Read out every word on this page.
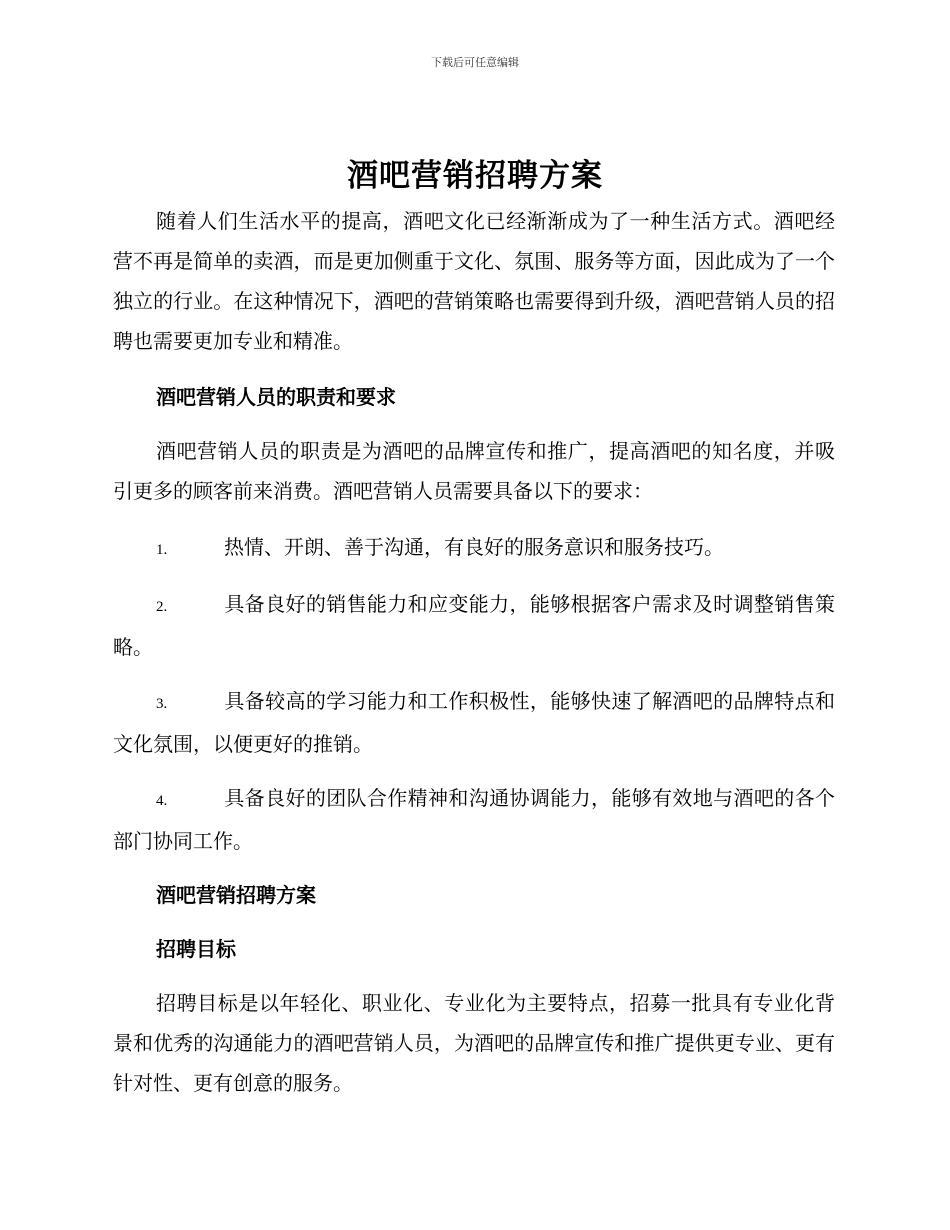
下载后可任意编辑
酒吧营销招聘方案

随着人们生活水平的提高，酒吧文化已经渐渐成为了一种生活方式。酒吧经营不再是简单的卖酒，而是更加侧重于文化、氛围、服务等方面，因此成为了一个独立的行业。在这种情况下，酒吧的营销策略也需要得到升级，酒吧营销人员的招聘也需要更加专业和精准。

酒吧营销人员的职责和要求

酒吧营销人员的职责是为酒吧的品牌宣传和推广，提高酒吧的知名度，并吸引更多的顾客前来消费。酒吧营销人员需要具备以下的要求：

1.	热情、开朗、善于沟通，有良好的服务意识和服务技巧。
2.	具备良好的销售能力和应变能力，能够根据客户需求及时调整销售策略。
3.	具备较高的学习能力和工作积极性，能够快速了解酒吧的品牌特点和文化氛围，以便更好的推销。
4.	具备良好的团队合作精神和沟通协调能力，能够有效地与酒吧的各个部门协同工作。
酒吧营销招聘方案
招聘目标

招聘目标是以年轻化、职业化、专业化为主要特点，招募一批具有专业化背景和优秀的沟通能力的酒吧营销人员，为酒吧的品牌宣传和推广提供更专业、更有针对性、更有创意的服务。
